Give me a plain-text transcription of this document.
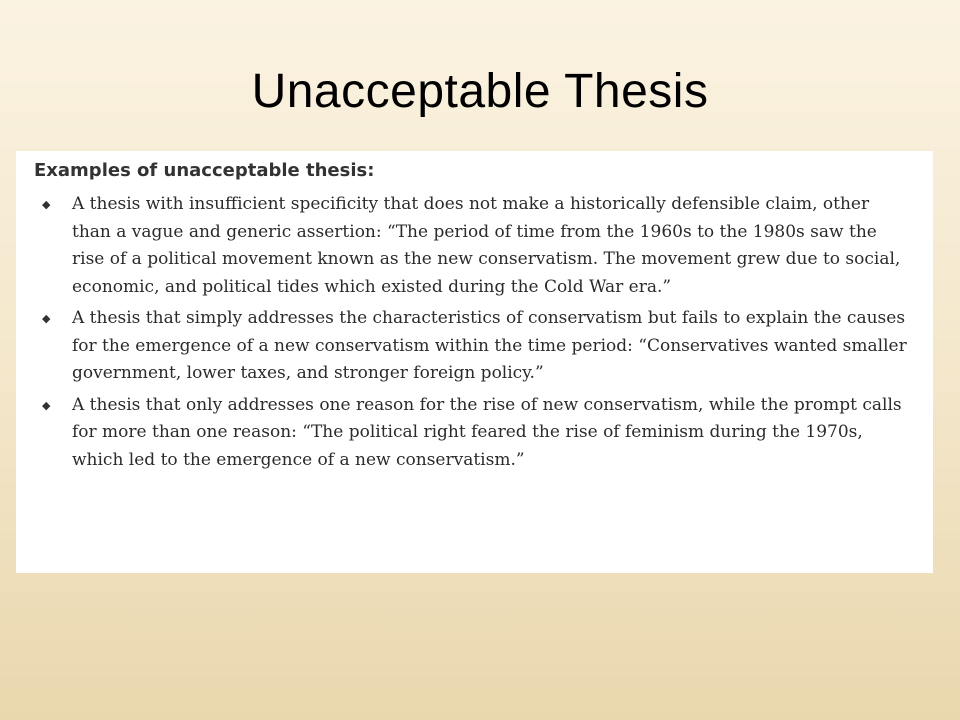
Unacceptable Thesis
Examples of unacceptable thesis:
◆ A thesis with insufficient specificity that does not make a historically defensible claim, other than a vague and generic assertion: “The period of time from the 1960s to the 1980s saw the rise of a political movement known as the new conservatism. The movement grew due to social, economic, and political tides which existed during the Cold War era.”
◆ A thesis that simply addresses the characteristics of conservatism but fails to explain the causes for the emergence of a new conservatism within the time period: “Conservatives wanted smaller government, lower taxes, and stronger foreign policy.”
◆ A thesis that only addresses one reason for the rise of new conservatism, while the prompt calls for more than one reason: “The political right feared the rise of feminism during the 1970s, which led to the emergence of a new conservatism.”
